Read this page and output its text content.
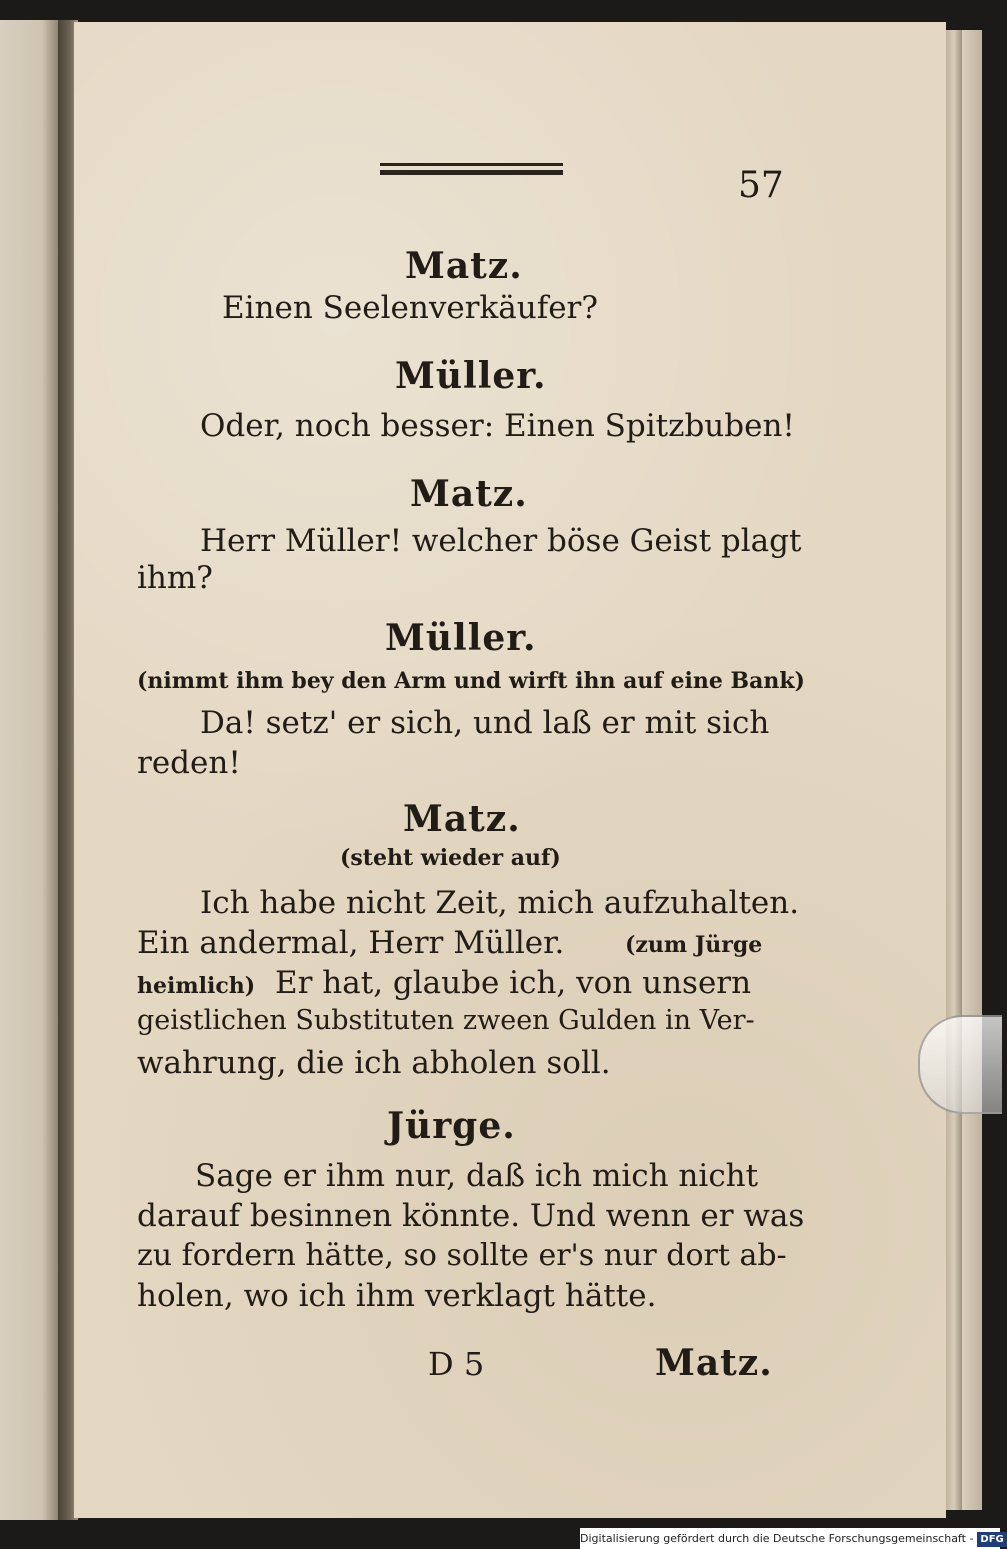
57
Matz.
Einen Seelenverkäufer?
Müller.
Oder, noch besser: Einen Spitzbuben!
Matz.
Herr Müller! welcher böse Geist plagt
ihm?
Müller.
(nimmt ihm bey den Arm und wirft ihn auf eine Bank)
Da! setz' er sich, und laß er mit sich
reden!
Matz.
(steht wieder auf)
Ich habe nicht Zeit, mich aufzuhalten.
Ein andermal, Herr Müller.	(zum Jürge
heimlich) Er hat, glaube ich, von unsern
geistlichen Substituten zween Gulden in Ver-
wahrung, die ich abholen soll.
Jürge.
Sage er ihm nur, daß ich mich nicht
darauf besinnen könnte. Und wenn er was
zu fordern hätte, so sollte er's nur dort ab-
holen, wo ich ihm verklagt hätte.
D 5	Matz.
Digitalisierung gefördert durch die Deutsche Forschungsgemeinschaft - DFG
